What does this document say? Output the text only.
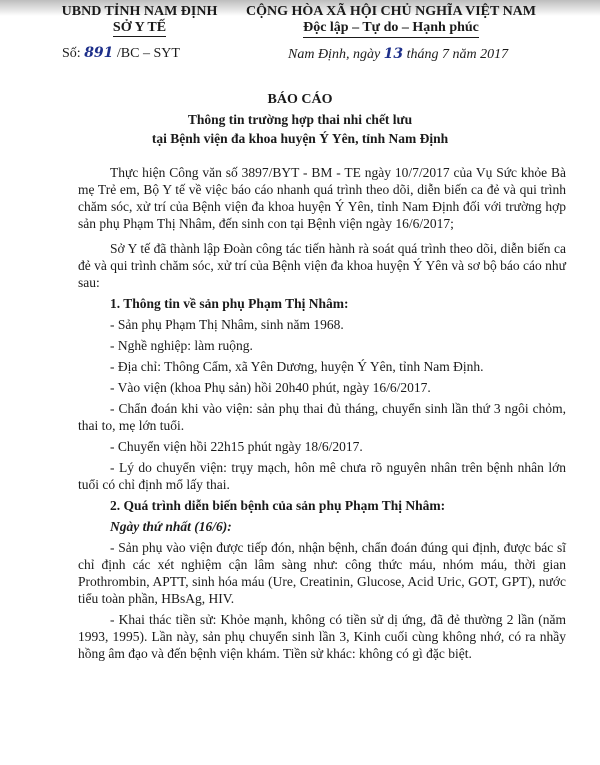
UBND TỈNH NAM ĐỊNH
SỞ Y TẾ
CỘNG HÒA XÃ HỘI CHỦ NGHĨA VIỆT NAM
Độc lập – Tự do – Hạnh phúc
Số: 891 /BC – SYT	Nam Định, ngày 13 tháng 7 năm 2017
BÁO CÁO
Thông tin trường hợp thai nhi chết lưu
tại Bệnh viện đa khoa huyện Ý Yên, tỉnh Nam Định

Thực hiện Công văn số 3897/BYT - BM - TE ngày 10/7/2017 của Vụ Sức khỏe Bà mẹ Trẻ em, Bộ Y tế về việc báo cáo nhanh quá trình theo dõi, diễn biến ca đẻ và qui trình chăm sóc, xử trí của Bệnh viện đa khoa huyện Ý Yên, tỉnh Nam Định đối với trường hợp sản phụ Phạm Thị Nhâm, đến sinh con tại Bệnh viện ngày 16/6/2017;

Sở Y tế đã thành lập Đoàn công tác tiến hành rà soát quá trình theo dõi, diễn biến ca đẻ và qui trình chăm sóc, xử trí của Bệnh viện đa khoa huyện Ý Yên và sơ bộ báo cáo như sau:

1. Thông tin về sản phụ Phạm Thị Nhâm:

- Sản phụ Phạm Thị Nhâm, sinh năm 1968.

- Nghề nghiệp: làm ruộng.

- Địa chỉ: Thông Cẩm, xã Yên Dương, huyện Ý Yên, tỉnh Nam Định.

- Vào viện (khoa Phụ sản) hồi 20h40 phút, ngày 16/6/2017.

- Chẩn đoán khi vào viện: sản phụ thai đủ tháng, chuyển sinh lần thứ 3 ngôi chỏm, thai to, mẹ lớn tuổi.

- Chuyển viện hồi 22h15 phút ngày 18/6/2017.

- Lý do chuyển viện: trụy mạch, hôn mê chưa rõ nguyên nhân trên bệnh nhân lớn tuổi có chỉ định mổ lấy thai.

2. Quá trình diễn biến bệnh của sản phụ Phạm Thị Nhâm:

Ngày thứ nhất (16/6):

- Sản phụ vào viện được tiếp đón, nhận bệnh, chẩn đoán đúng qui định, được bác sĩ chỉ định các xét nghiệm cận lâm sàng như: công thức máu, nhóm máu, thời gian Prothrombin, APTT, sinh hóa máu (Ure, Creatinin, Glucose, Acid Uric, GOT, GPT), nước tiểu toàn phần, HBsAg, HIV.

- Khai thác tiền sử: Khỏe mạnh, không có tiền sử dị ứng, đã đẻ thường 2 lần (năm 1993, 1995). Lần này, sản phụ chuyển sinh lần 3, Kinh cuối cùng không nhớ, có ra nhầy hồng âm đạo và đến bệnh viện khám. Tiền sử khác: không có gì đặc biệt.
